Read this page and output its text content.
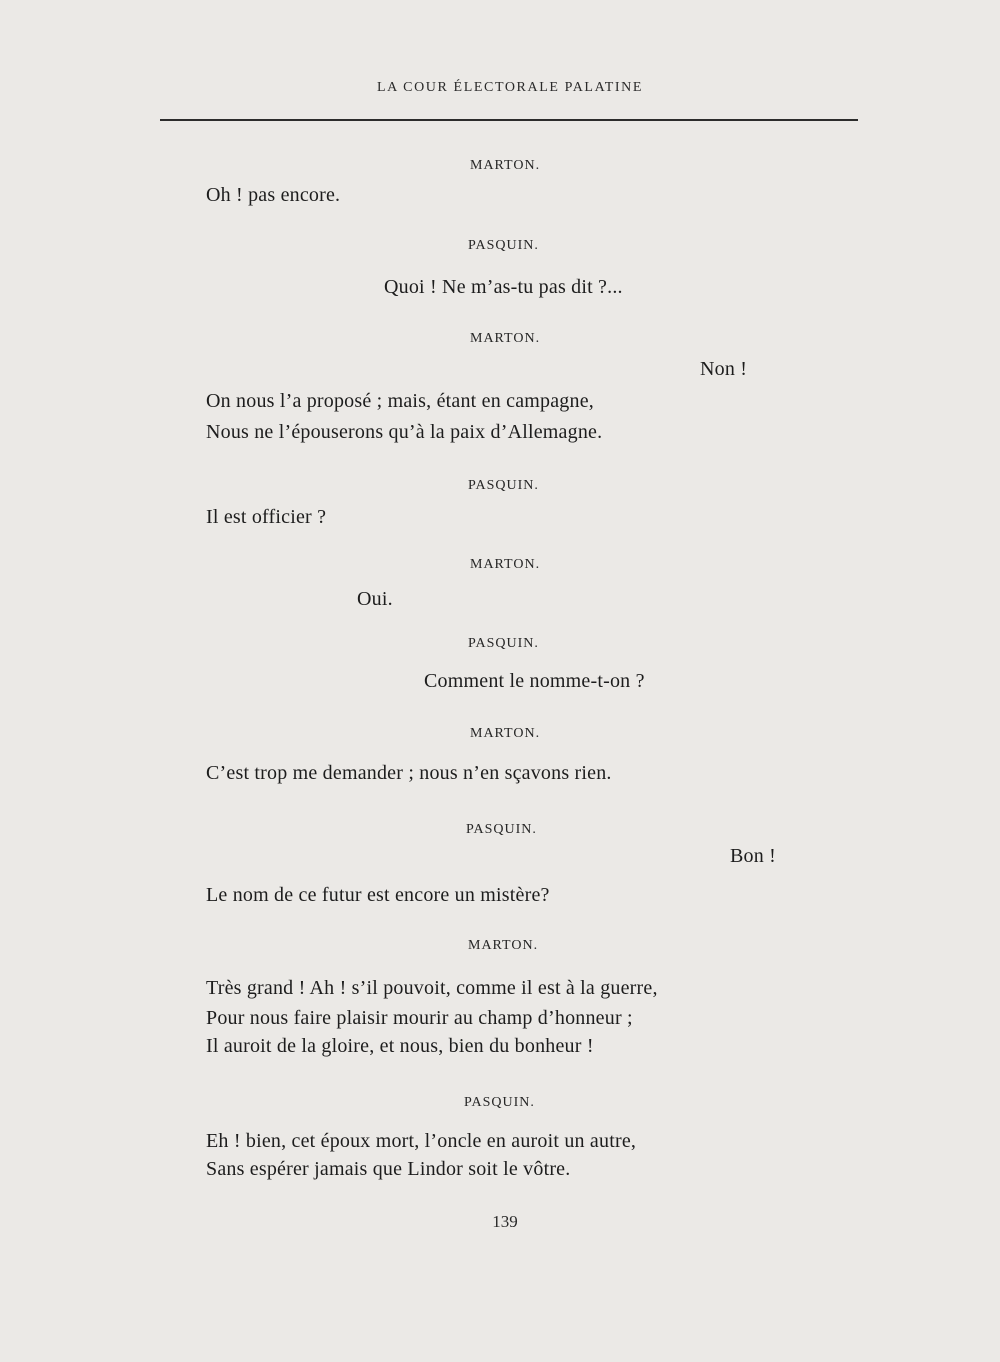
LA COUR ÉLECTORALE PALATINE
MARTON.
Oh ! pas encore.
PASQUIN.
Quoi ! Ne m’as-tu pas dit ?...
MARTON.
Non !
On nous l’a proposé ; mais, étant en campagne,
Nous ne l’épouserons qu’à la paix d’Allemagne.
PASQUIN.
Il est officier ?
MARTON.
Oui.
PASQUIN.
Comment le nomme-t-on ?
MARTON.
C’est trop me demander ; nous n’en sçavons rien.
PASQUIN.
Bon !
Le nom de ce futur est encore un mistère?
MARTON.
Très grand ! Ah ! s’il pouvoit, comme il est à la guerre,
Pour nous faire plaisir mourir au champ d’honneur ;
Il auroit de la gloire, et nous, bien du bonheur !
PASQUIN.
Eh ! bien, cet époux mort, l’oncle en auroit un autre,
Sans espérer jamais que Lindor soit le vôtre.
139
